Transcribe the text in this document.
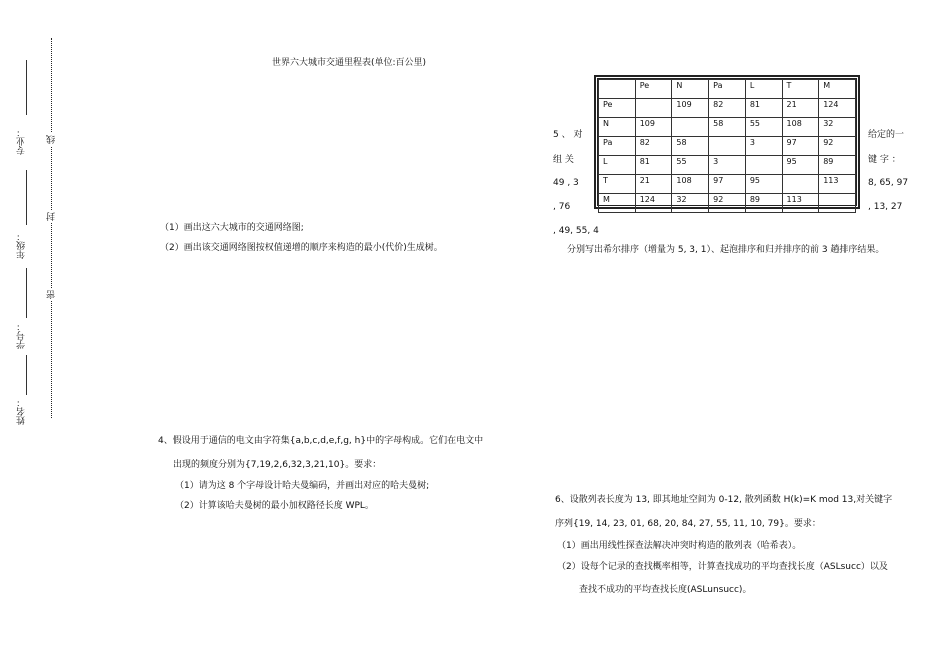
专业：
年级：
学号：
姓名：
线
封
密
世界六大城市交通里程表(单位:百公里)
（1）画出这六大城市的交通网络图;
（2）画出该交通网络图按权值递增的顺序来构造的最小(代价)生成树。
	Pe	N	Pa	L	T	M
Pe		109	82	81	21	124
N	109		58	55	108	32
Pa	82	58		3	97	92
L	81	55	3		95	89
T	21	108	97	95		113
M	124	32	92	89	113	
5 、 对
组 关
49 , 3
, 76
给定的一
键 字 ：
8, 65, 97
, 13, 27
, 49, 55, 4
分别写出希尔排序（增量为 5, 3, 1）、起泡排序和归并排序的前 3 趟排序结果。
4、假设用于通信的电文由字符集{a,b,c,d,e,f,g, h}中的字母构成。它们在电文中
出现的频度分别为{7,19,2,6,32,3,21,10}。要求：
（1）请为这 8 个字母设计哈夫曼编码，并画出对应的哈夫曼树;
（2）计算该哈夫曼树的最小加权路径长度 WPL。
6、设散列表长度为 13, 即其地址空间为 0-12, 散列函数 H(k)=K mod 13,对关键字
序列{19, 14, 23, 01, 68, 20, 84, 27, 55, 11, 10, 79}。要求：
（1）画出用线性探查法解决冲突时构造的散列表（哈希表）。
（2）设每个记录的查找概率相等，计算查找成功的平均查找长度（ASLsucc）以及
查找不成功的平均查找长度(ASLunsucc)。
